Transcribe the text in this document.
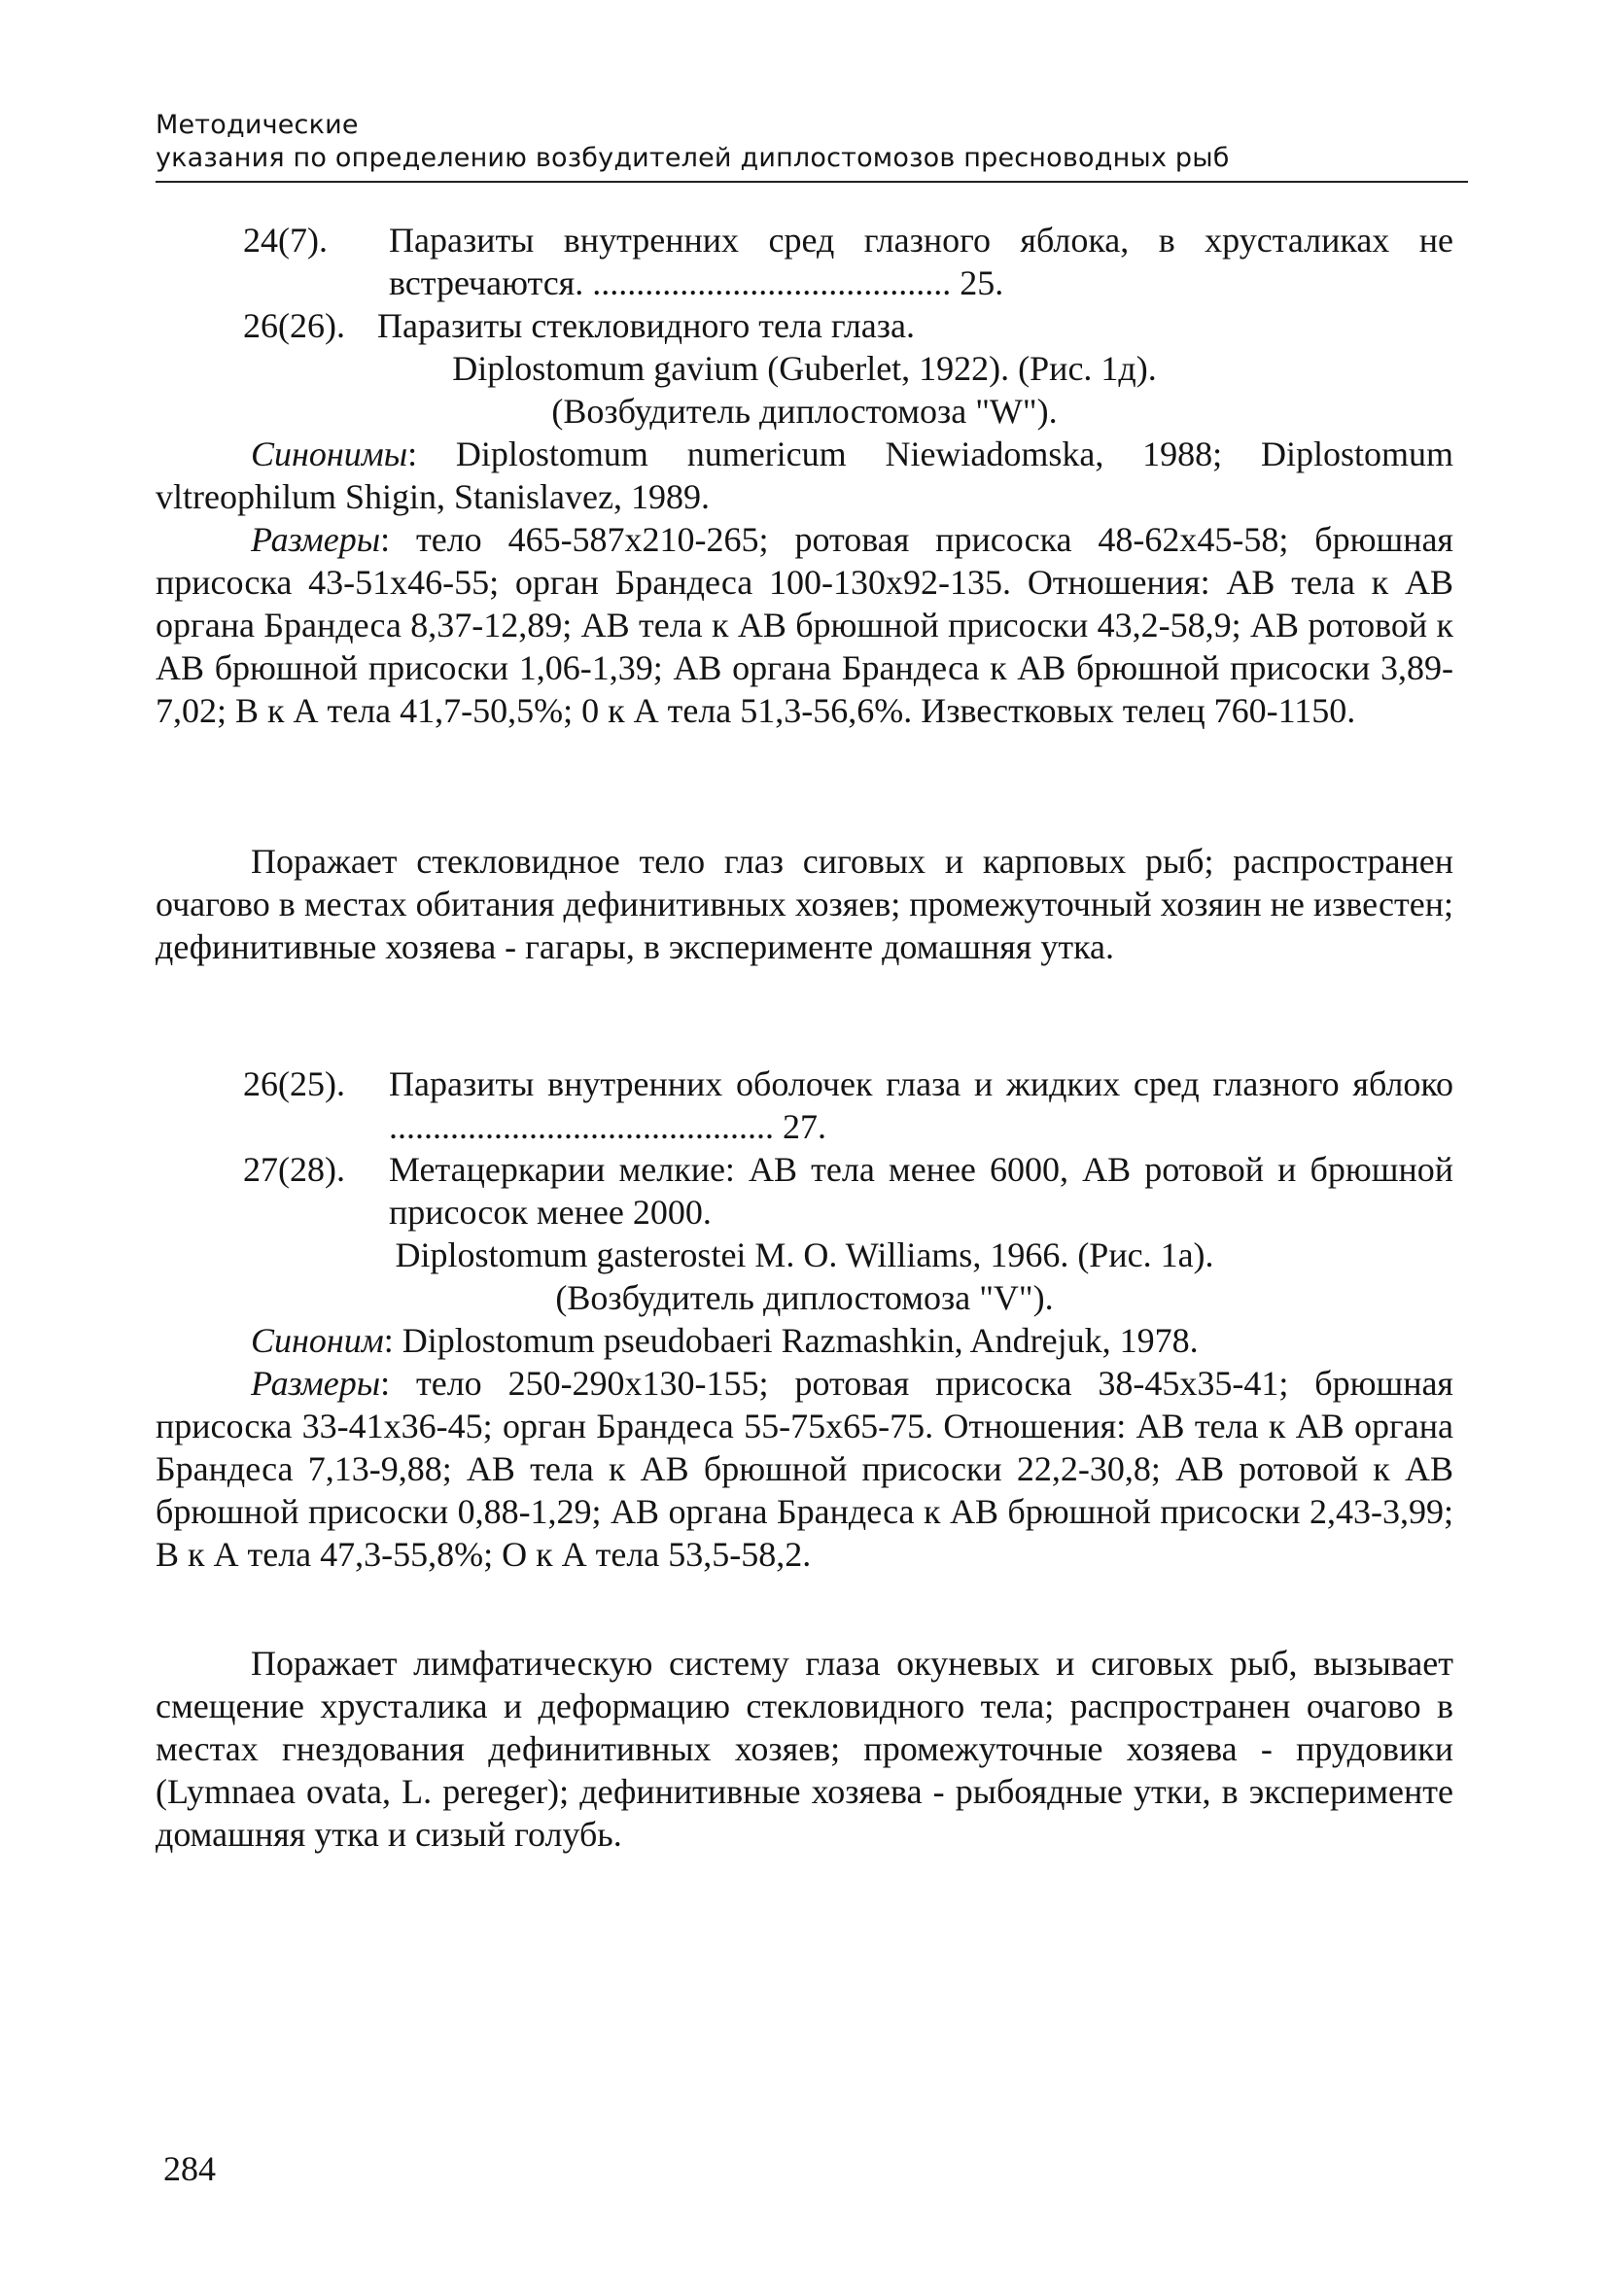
Методические
указания по определению возбудителей диплостомозов пресноводных рыб
24(7).	Паразиты внутренних сред глазного яблока, в хрусталиках не встречаются. ......................................... 25.
26(26). Паразиты стекловидного тела глаза.
Diplostomum gavium (Guberlet, 1922). (Рис. 1д).
(Возбудитель диплостомоза "W").
Синонимы: Diplostomum numericum Niewiadomska, 1988; Diplostomum vltreophilum Shigin, Stanislavez, 1989.
Размеры: тело 465-587x210-265; ротовая присоска 48-62x45-58; брюшная присоска 43-51x46-55; орган Брандеса 100-130x92-135. Отношения: АВ тела к АВ органа Брандеса 8,37-12,89; АВ тела к АВ брюшной присоски 43,2-58,9; АВ ротовой к АВ брюшной присоски 1,06-1,39; АВ органа Брандеса к АВ брюшной присоски 3,89-7,02; В к А тела 41,7-50,5%; 0 к А тела 51,3-56,6%. Известковых телец 760-1150.
Поражает стекловидное тело глаз сиговых и карповых рыб; распространен очагово в местах обитания дефинитивных хозяев; промежуточный хозяин не известен; дефинитивные хозяева - гагары, в эксперименте домашняя утка.
26(25).	Паразиты внутренних оболочек глаза и жидких сред глазного яблоко ............................................ 27.
27(28).	Метацеркарии мелкие: АВ тела менее 6000, АВ ротовой и брюшной присосок менее 2000.
Diplostomum gasterostei M. O. Williams, 1966. (Рис. 1а).
(Возбудитель диплостомоза "V").
Синоним: Diplostomum pseudobaeri Razmashkin, Andrejuk, 1978.
Размеры: тело 250-290x130-155; ротовая присоска 38-45x35-41; брюшная присоска 33-41x36-45; орган Брандеса 55-75x65-75. Отношения: АВ тела к АВ органа Брандеса 7,13-9,88; АВ тела к АВ брюшной присоски 22,2-30,8; АВ ротовой к АВ брюшной присоски 0,88-1,29; АВ органа Брандеса к АВ брюшной присоски 2,43-3,99; В к А тела 47,3-55,8%; О к А тела 53,5-58,2.
Поражает лимфатическую систему глаза окуневых и сиговых рыб, вызывает смещение хрусталика и деформацию стекловидного тела; распространен очагово в местах гнездования дефинитивных хозяев; промежуточные хозяева - прудовики (Lymnaea ovata, L. pereger); дефинитивные хозяева - рыбоядные утки, в эксперименте домашняя утка и сизый голубь.
284
